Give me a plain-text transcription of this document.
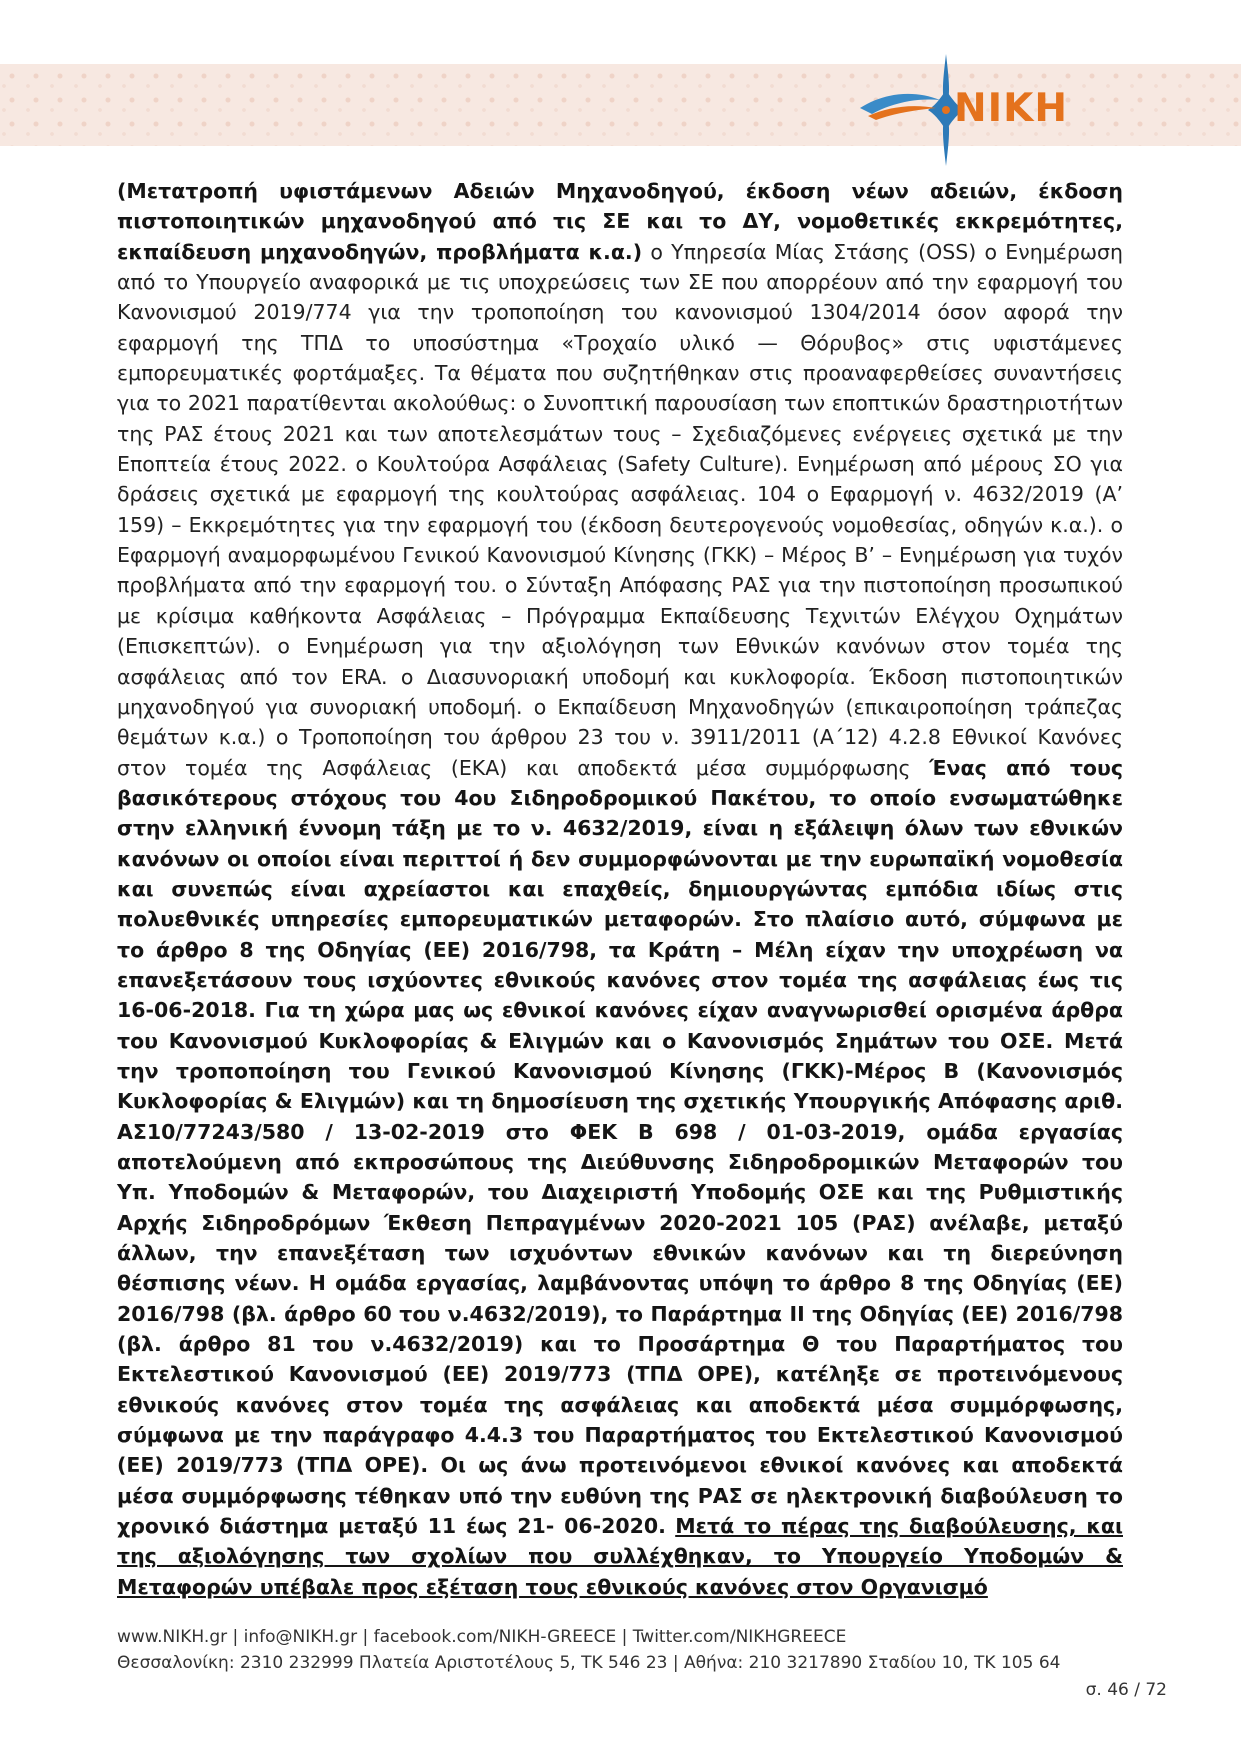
NIKH

(Μετατροπή υφιστάμενων Αδειών Μηχανοδηγού, έκδοση νέων αδειών, έκδοση πιστοποιητικών μηχανοδηγού από τις ΣΕ και το ΔΥ, νομοθετικές εκκρεμότητες, εκπαίδευση μηχανοδηγών, προβλήματα κ.α.) ο Υπηρεσία Μίας Στάσης (OSS) ο Ενημέρωση από το Υπουργείο αναφορικά με τις υποχρεώσεις των ΣΕ που απορρέουν από την εφαρμογή του Κανονισμού 2019/774 για την τροποποίηση του κανονισμού 1304/2014 όσον αφορά την εφαρμογή της ΤΠΔ το υποσύστημα «Τροχαίο υλικό — Θόρυβος» στις υφιστάμενες εμπορευματικές φορτάμαξες. Τα θέματα που συζητήθηκαν στις προαναφερθείσες συναντήσεις για το 2021 παρατίθενται ακολούθως: ο Συνοπτική παρουσίαση των εποπτικών δραστηριοτήτων της ΡΑΣ έτους 2021 και των αποτελεσμάτων τους – Σχεδιαζόμενες ενέργειες σχετικά με την Εποπτεία έτους 2022. ο Κουλτούρα Ασφάλειας (Safety Culture). Ενημέρωση από μέρους ΣΟ για δράσεις σχετικά με εφαρμογή της κουλτούρας ασφάλειας. 104 ο Εφαρμογή ν. 4632/2019 (Α’ 159) – Εκκρεμότητες για την εφαρμογή του (έκδοση δευτερογενούς νομοθεσίας, οδηγών κ.α.). ο Εφαρμογή αναμορφωμένου Γενικού Κανονισμού Κίνησης (ΓΚΚ) – Μέρος Β’ – Ενημέρωση για τυχόν προβλήματα από την εφαρμογή του. ο Σύνταξη Απόφασης ΡΑΣ για την πιστοποίηση προσωπικού με κρίσιμα καθήκοντα Ασφάλειας – Πρόγραμμα Εκπαίδευσης Τεχνιτών Ελέγχου Οχημάτων (Επισκεπτών). ο Ενημέρωση για την αξιολόγηση των Εθνικών κανόνων στον τομέα της ασφάλειας από τον ERA. ο Διασυνοριακή υποδομή και κυκλοφορία. Έκδοση πιστοποιητικών μηχανοδηγού για συνοριακή υποδομή. ο Εκπαίδευση Μηχανοδηγών (επικαιροποίηση τράπεζας θεμάτων κ.α.) ο Τροποποίηση του άρθρου 23 του ν. 3911/2011 (Α΄12) 4.2.8 Εθνικοί Κανόνες στον τομέα της Ασφάλειας (ΕΚΑ) και αποδεκτά μέσα συμμόρφωσης Ένας από τους βασικότερους στόχους του 4ου Σιδηροδρομικού Πακέτου, το οποίο ενσωματώθηκε στην ελληνική έννομη τάξη με το ν. 4632/2019, είναι η εξάλειψη όλων των εθνικών κανόνων οι οποίοι είναι περιττοί ή δεν συμμορφώνονται με την ευρωπαϊκή νομοθεσία και συνεπώς είναι αχρείαστοι και επαχθείς, δημιουργώντας εμπόδια ιδίως στις πολυεθνικές υπηρεσίες εμπορευματικών μεταφορών. Στο πλαίσιο αυτό, σύμφωνα με το άρθρο 8 της Οδηγίας (ΕΕ) 2016/798, τα Κράτη – Μέλη είχαν την υποχρέωση να επανεξετάσουν τους ισχύοντες εθνικούς κανόνες στον τομέα της ασφάλειας έως τις 16-06-2018. Για τη χώρα μας ως εθνικοί κανόνες είχαν αναγνωρισθεί ορισμένα άρθρα του Κανονισμού Κυκλοφορίας & Ελιγμών και ο Κανονισμός Σημάτων του ΟΣΕ. Μετά την τροποποίηση του Γενικού Κανονισμού Κίνησης (ΓΚΚ)-Μέρος Β (Κανονισμός Κυκλοφορίας & Ελιγμών) και τη δημοσίευση της σχετικής Υπουργικής Απόφασης αριθ. ΑΣ10/77243/580 / 13-02-2019 στο ΦΕΚ Β 698 / 01-03-2019, ομάδα εργασίας αποτελούμενη από εκπροσώπους της Διεύθυνσης Σιδηροδρομικών Μεταφορών του Υπ. Υποδομών & Μεταφορών, του Διαχειριστή Υποδομής ΟΣΕ και της Ρυθμιστικής Αρχής Σιδηροδρόμων Έκθεση Πεπραγμένων 2020-2021 105 (ΡΑΣ) ανέλαβε, μεταξύ άλλων, την επανεξέταση των ισχυόντων εθνικών κανόνων και τη διερεύνηση θέσπισης νέων. Η ομάδα εργασίας, λαμβάνοντας υπόψη το άρθρο 8 της Οδηγίας (ΕΕ) 2016/798 (βλ. άρθρο 60 του ν.4632/2019), το Παράρτημα ΙΙ της Οδηγίας (ΕΕ) 2016/798 (βλ. άρθρο 81 του ν.4632/2019) και το Προσάρτημα Θ του Παραρτήματος του Εκτελεστικού Κανονισμού (ΕΕ) 2019/773 (ΤΠΔ OPE), κατέληξε σε προτεινόμενους εθνικούς κανόνες στον τομέα της ασφάλειας και αποδεκτά μέσα συμμόρφωσης, σύμφωνα με την παράγραφο 4.4.3 του Παραρτήματος του Εκτελεστικού Κανονισμού (ΕΕ) 2019/773 (ΤΠΔ OPE). Οι ως άνω προτεινόμενοι εθνικοί κανόνες και αποδεκτά μέσα συμμόρφωσης τέθηκαν υπό την ευθύνη της ΡΑΣ σε ηλεκτρονική διαβούλευση το χρονικό διάστημα μεταξύ 11 έως 21- 06-2020. Μετά το πέρας της διαβούλευσης, και της αξιολόγησης των σχολίων που συλλέχθηκαν, το Υπουργείο Υποδομών & Μεταφορών υπέβαλε προς εξέταση τους εθνικούς κανόνες στον Οργανισμό

www.NIKH.gr | info@NIKH.gr | facebook.com/NIKH-GREECE | Twitter.com/NIKHGREECE
Θεσσαλονίκη: 2310 232999 Πλατεία Αριστοτέλους 5, ΤΚ 546 23 | Αθήνα: 210 3217890 Σταδίου 10, ΤΚ 105 64
σ. 46 / 72
